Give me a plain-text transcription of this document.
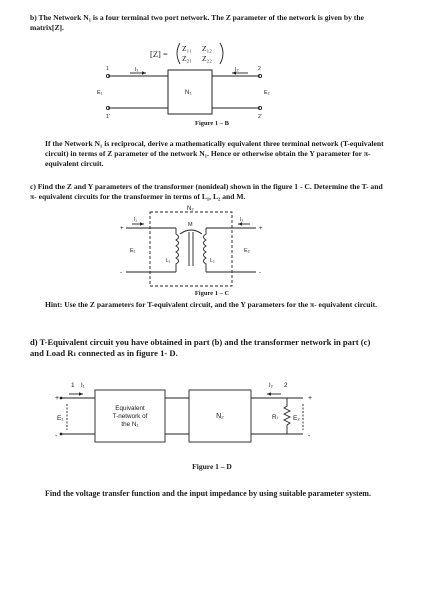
b) The Network N₁ is a four terminal two port network. The Z parameter of the network is given by the matrix[Z].

[Z] =
Z₁₁ Z₁₂
Z₂₁ Z₂₂
N₁
I₁	I₂
E₁	E₂
1
1'
2
2'

Figure 1 – B

If the Network N₁ is reciprocal, derive a mathematically equivalent three terminal network (T-equivalent circuit) in terms of Z parameter of the network N₁. Hence or otherwise obtain the Y parameter for π- equivalent circuit.

c) Find the Z and Y parameters of the transformer (nonideal) shown in the figure 1 - C. Determine the T- and π- equivalent circuits for the transformer in terms of L₁, L₂ and M.

N₂
M
I₁	I₂
E₁	E₂
L₁	L₂
+	+
-	-

Figure 1 – C

Hint: Use the Z parameters for T-equivalent circuit, and the Y parameters for the π- equivalent circuit.

d) T-Equivalent circuit you have obtained in part (b) and the transformer network in part (c) and Load Rₗ connected as in figure 1- D.

1 I₁	I₂ 2
+
-
+
-
E₁	E₂
Rₗ
Equivalent
T-network of
the N₁
N₂

Figure 1 – D

Find the voltage transfer function and the input impedance by using suitable parameter system.
